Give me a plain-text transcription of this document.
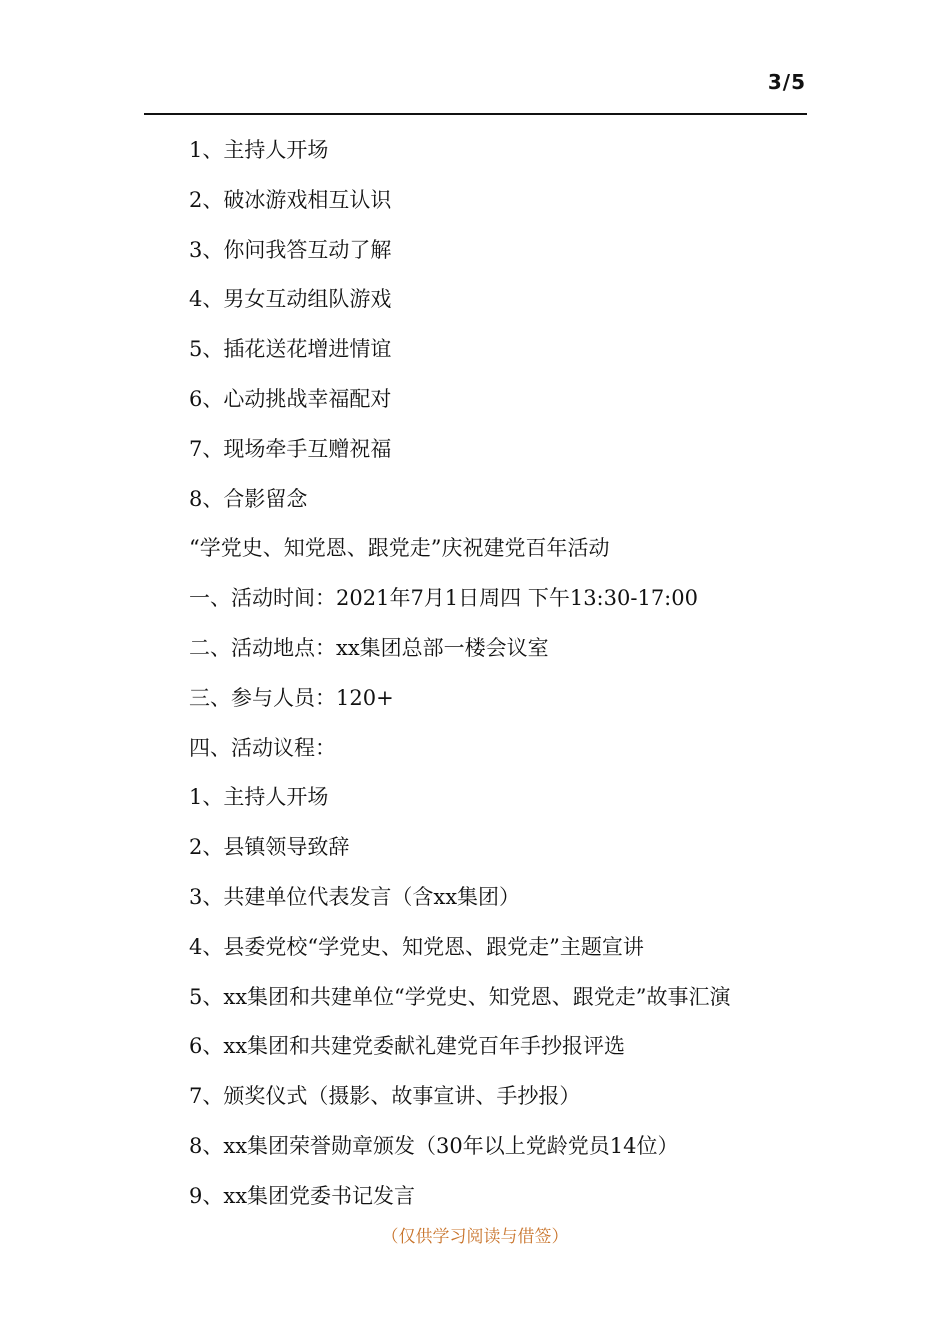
3/5
1、主持人开场
2、破冰游戏相互认识
3、你问我答互动了解
4、男女互动组队游戏
5、插花送花增进情谊
6、心动挑战幸福配对
7、现场牵手互赠祝福
8、合影留念
“学党史、知党恩、跟党走”庆祝建党百年活动
一、活动时间：2021年7月1日周四 下午13:30-17:00
二、活动地点：xx集团总部一楼会议室
三、参与人员：120+
四、活动议程：
1、主持人开场
2、县镇领导致辞
3、共建单位代表发言（含xx集团）
4、县委党校“学党史、知党恩、跟党走”主题宣讲
5、xx集团和共建单位“学党史、知党恩、跟党走”故事汇演
6、xx集团和共建党委献礼建党百年手抄报评选
7、颁奖仪式（摄影、故事宣讲、手抄报）
8、xx集团荣誉勋章颁发（30年以上党龄党员14位）
9、xx集团党委书记发言
（仅供学习阅读与借签）
